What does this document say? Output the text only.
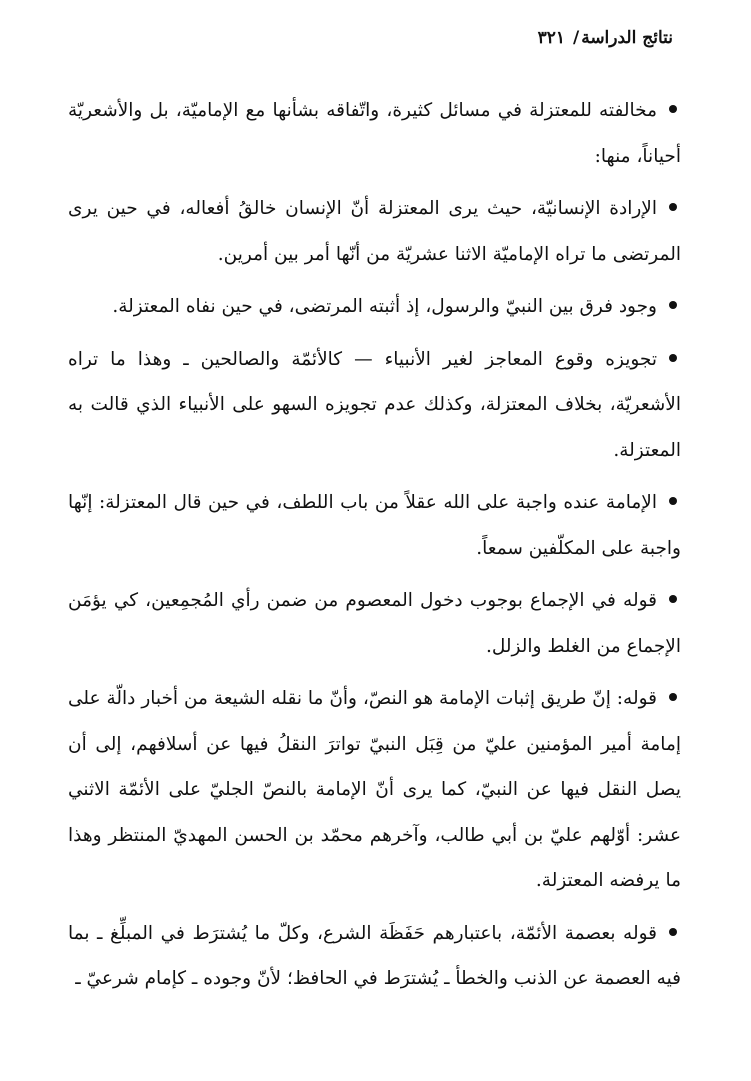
نتائج الدراسة/ ٣٢١

مخالفته للمعتزلة في مسائل كثيرة، واتّفاقه بشأنها مع الإماميّة، بل والأشعريّة أحياناً، منها:

الإرادة الإنسانيّة، حيث يرى المعتزلة أنّ الإنسان خالقُ أفعاله، في حين يرى المرتضى ما تراه الإماميّة الاثنا عشريّة من أنّها أمر بين أمرين.

وجود فرق بين النبيّ والرسول، إذ أثبته المرتضى، في حين نفاه المعتزلة.

تجويزه وقوع المعاجز لغير الأنبياء — كالأئمّة والصالحين ـ وهذا ما تراه الأشعريّة، بخلاف المعتزلة، وكذلك عدم تجويزه السهو على الأنبياء الذي قالت به المعتزلة.

الإمامة عنده واجبة على الله عقلاً من باب اللطف، في حين قال المعتزلة: إنّها واجبة على المكلّفين سمعاً.

قوله في الإجماع بوجوب دخول المعصوم من ضمن رأي المُجمِعين، كي يؤمَن الإجماع من الغلط والزلل.

قوله: إنّ طريق إثبات الإمامة هو النصّ، وأنّ ما نقله الشيعة من أخبار دالّة على إمامة أمير المؤمنين عليّ من قِبَل النبيّ تواترَ النقلُ فيها عن أسلافهم، إلى أن يصل النقل فيها عن النبيّ، كما يرى أنّ الإمامة بالنصّ الجليّ على الأئمّة الاثني عشر: أوّلهم عليّ بن أبي طالب، وآخرهم محمّد بن الحسن المهديّ المنتظر وهذا ما يرفضه المعتزلة.

قوله بعصمة الأئمّة، باعتبارهم حَفَظَة الشرع، وكلّ ما يُشترَط في المبلِّغ ـ بما فيه العصمة عن الذنب والخطأ ـ يُشترَط في الحافظ؛ لأنّ وجوده ـ كإمام شرعيّ ـ
